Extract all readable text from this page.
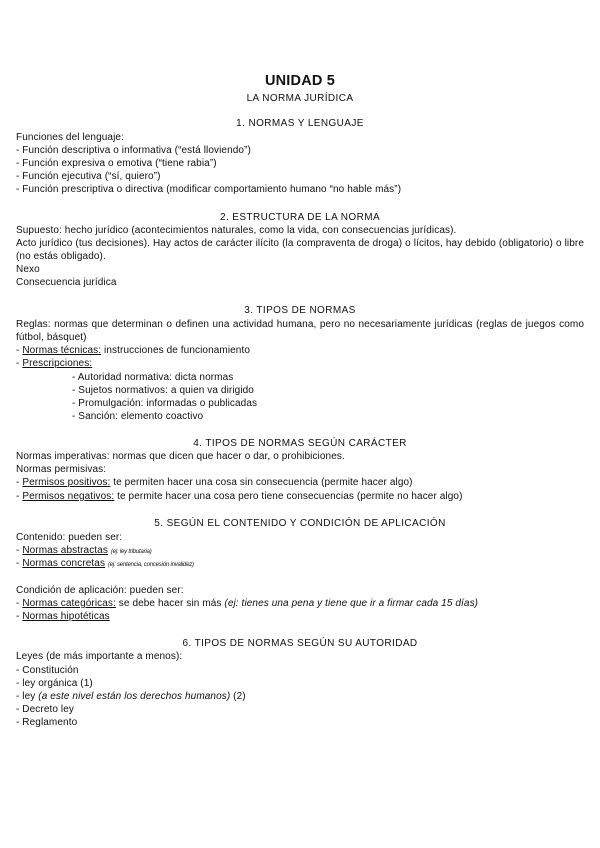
UNIDAD 5
LA NORMA JURÍDICA
1. NORMAS Y LENGUAJE
Funciones del lenguaje:
- Función descriptiva o informativa (“está lloviendo”)
- Función expresiva o emotiva (“tiene rabia”)
- Función ejecutiva (“sí, quiero”)
- Función prescriptiva o directiva (modificar comportamiento humano “no hable más”)
2. ESTRUCTURA DE LA NORMA
Supuesto: hecho jurídico (acontecimientos naturales, como la vida, con consecuencias jurídicas).
Acto jurídico (tus decisiones). Hay actos de carácter ilícito (la compraventa de droga) o lícitos, hay debido (obligatorio) o libre (no estás obligado).
Nexo
Consecuencia jurídica
3. TIPOS DE NORMAS
Reglas: normas que determinan o definen una actividad humana, pero no necesariamente jurídicas (reglas de juegos como fútbol, básquet)
- Normas técnicas: instrucciones de funcionamiento
- Prescripciones:
- Autoridad normativa: dicta normas
- Sujetos normativos: a quien va dirigido
- Promulgación: informadas o publicadas
- Sanción: elemento coactivo
4. TIPOS DE NORMAS SEGÚN CARÁCTER
Normas imperativas: normas que dicen que hacer o dar, o prohibiciones.
Normas permisivas:
- Permisos positivos: te permiten hacer una cosa sin consecuencia (permite hacer algo)
- Permisos negativos: te permite hacer una cosa pero tiene consecuencias (permite no hacer algo)
5. SEGÚN EL CONTENIDO Y CONDICIÓN DE APLICACIÓN
Contenido: pueden ser:
- Normas abstractas (ej: ley tributaria)
- Normas concretas (ej: sentencia, concesión invalidez)
Condición de aplicación: pueden ser:
- Normas categóricas: se debe hacer sin más (ej: tienes una pena y tiene que ir a firmar cada 15 días)
- Normas hipotéticas
6. TIPOS DE NORMAS SEGÚN SU AUTORIDAD
Leyes (de más importante a menos):
- Constitución
- ley orgánica (1)
- ley (a este nivel están los derechos humanos) (2)
- Decreto ley
- Reglamento
